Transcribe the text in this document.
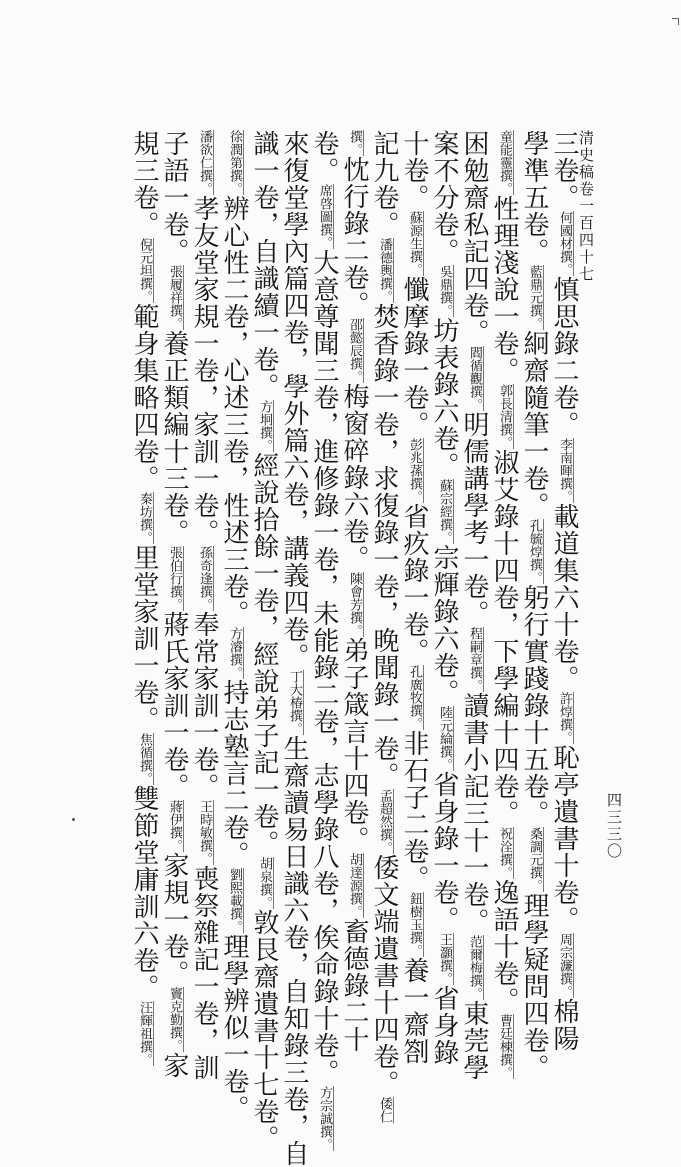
清史稿卷一百四十七
四三三〇
三卷。何國材撰。慎思錄二卷。李南暉撰。載道集六十卷。許焞撰。恥亭遺書十卷。周宗濂撰。棉陽
學準五卷。藍鼎元撰。絅齋隨筆一卷。孔毓焞撰。躬行實踐錄十五卷。桑調元撰。理學疑問四卷。
童能靈撰。性理淺說一卷。郭長清撰。淑艾錄十四卷，下學編十四卷。祝洤撰。逸語十卷。曹廷棟撰。
困勉齋私記四卷。閻循觀撰。明儒講學考一卷。程嗣章撰。讀書小記三十一卷。范爾梅撰。東莞學
案不分卷。吳鼎撰。坊表錄六卷。蘇宗經撰。宗輝錄六卷。陸元綸撰。省身錄一卷。王灝撰。省身錄
十卷。蘇源生撰。懺摩錄一卷。彭兆蓀撰。省疚錄一卷。孔廣牧撰。非石子二卷。鈕樹玉撰。養一齋劄
記九卷。潘德輿撰。焚香錄一卷，求復錄一卷，晚聞錄一卷。孟超然撰。倭文端遺書十四卷。倭仁
撰。忱行錄二卷。邵懿辰撰。梅窗碎錄六卷。陳會芳撰。弟子箴言十四卷。胡達源撰。畜德錄二十
卷。席啓圖撰。大意尊聞三卷，進修錄一卷，未能錄二卷，志學錄八卷，俟命錄十卷。方宗誠撰。
來復堂學內篇四卷，學外篇六卷，講義四卷。丁大椿撰。生齋讀易日識六卷，自知錄三卷，自
識一卷，自識續一卷。方坰撰。經說拾餘一卷，經說弟子記一卷。胡泉撰。敦艮齋遺書十七卷。
徐潤第撰。辨心性二卷，心述三卷，性述三卷。方濬撰。持志塾言二卷。劉熙載撰。理學辨似一卷。
潘欲仁撰。孝友堂家規一卷，家訓一卷。孫奇逢撰。奉常家訓一卷。王時敏撰。喪祭雜記一卷，訓
子語一卷。張履祥撰。養正類編十三卷。張伯行撰。蔣氏家訓一卷。蔣伊撰。家規一卷。竇克勤撰。家
規三卷。倪元坦撰。範身集略四卷。秦坊撰。里堂家訓一卷。焦循撰。雙節堂庸訓六卷。汪輝祖撰。
